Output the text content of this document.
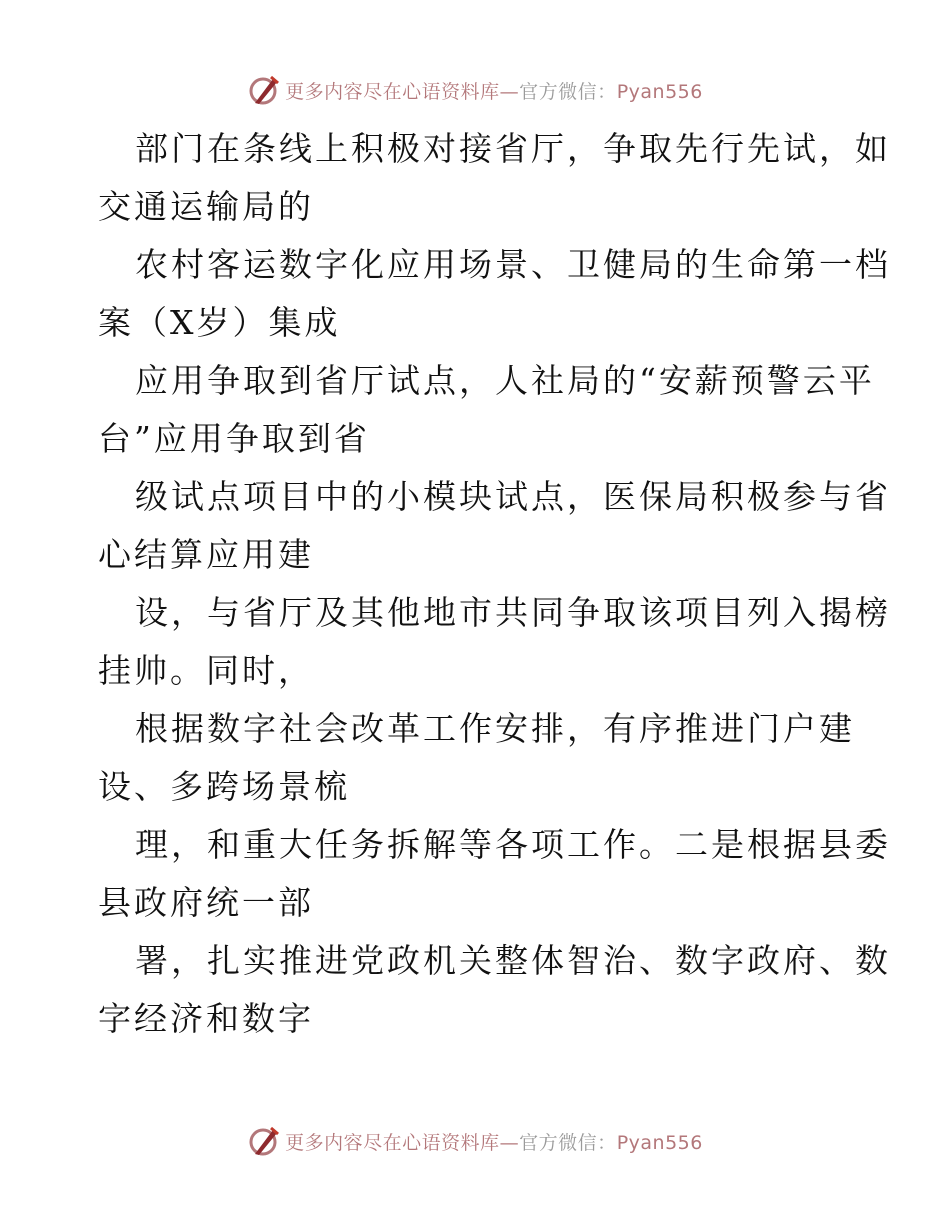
更多内容尽在心语资料库—官方微信：Pyan556
部门在条线上积极对接省厅，争取先行先试，如
交通运输局的
农村客运数字化应用场景、卫健局的生命第一档
案（X岁）集成
应用争取到省厅试点，人社局的“安薪预警云平
台”应用争取到省
级试点项目中的小模块试点，医保局积极参与省
心结算应用建
设，与省厅及其他地市共同争取该项目列入揭榜
挂帅。同时，
根据数字社会改革工作安排，有序推进门户建
设、多跨场景梳
理，和重大任务拆解等各项工作。二是根据县委
县政府统一部
署，扎实推进党政机关整体智治、数字政府、数
字经济和数字
更多内容尽在心语资料库—官方微信：Pyan556
